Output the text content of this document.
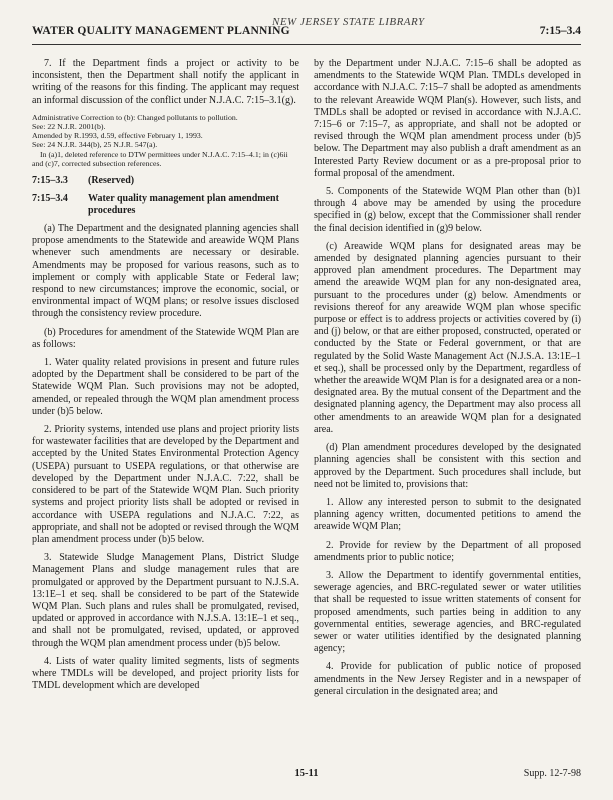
WATER QUALITY MANAGEMENT PLANNING
NEW JERSEY STATE LIBRARY
7:15–3.4

7. If the Department finds a project or activity to be inconsistent, then the Department shall notify the applicant in writing of the reasons for this finding. The applicant may request an informal discussion of the conflict under N.J.A.C. 7:15–3.1(g).

Administrative Correction to (b): Changed pollutants to pollution.

See: 22 N.J.R. 2001(b).

Amended by R.1993, d.59, effective February 1, 1993.

See: 24 N.J.R. 344(b), 25 N.J.R. 547(a).

In (a)1, deleted reference to DTW permittees under N.J.A.C. 7:15–4.1; in (c)6ii and (c)7, corrected subsection references.

7:15–3.3	(Reserved)
7:15–3.4	Water quality management plan amendment procedures

(a) The Department and the designated planning agencies shall propose amendments to the Statewide and areawide WQM Plans whenever such amendments are necessary or desirable. Amendments may be proposed for various reasons, such as to implement or comply with applicable State or Federal law; respond to new circumstances; improve the economic, social, or environmental impact of WQM plans; or resolve issues disclosed through the consistency review procedure.

(b) Procedures for amendment of the Statewide WQM Plan are as follows:

1. Water quality related provisions in present and future rules adopted by the Department shall be considered to be part of the Statewide WQM Plan. Such provisions may not be adopted, amended, or repealed through the WQM plan amendment process under (b)5 below.

2. Priority systems, intended use plans and project priority lists for wastewater facilities that are developed by the Department and accepted by the United States Environmental Protection Agency (USEPA) pursuant to USEPA regulations, or that otherwise are developed by the Department under N.J.A.C. 7:22, shall be considered to be part of the Statewide WQM Plan. Such priority systems and project priority lists shall be adopted or revised in accordance with USEPA regulations and N.J.A.C. 7:22, as appropriate, and shall not be adopted or revised through the WQM plan amendment process under (b)5 below.

3. Statewide Sludge Management Plans, District Sludge Management Plans and sludge management rules that are promulgated or approved by the Department pursuant to N.J.S.A. 13:1E–1 et seq. shall be considered to be part of the Statewide WQM Plan. Such plans and rules shall be promulgated, revised, updated or approved in accordance with N.J.S.A. 13:1E–1 et seq., and shall not be promulgated, revised, updated, or approved through the WQM plan amendment process under (b)5 below.

4. Lists of water quality limited segments, lists of segments where TMDLs will be developed, and project priority lists for TMDL development which are developed

by the Department under N.J.A.C. 7:15–6 shall be adopted as amendments to the Statewide WQM Plan. TMDLs developed in accordance with N.J.A.C. 7:15–7 shall be adopted as amendments to the relevant Areawide WQM Plan(s). However, such lists, and TMDLs shall be adopted or revised in accordance with N.J.A.C. 7:15–6 or 7:15–7, as appropriate, and shall not be adopted or revised through the WQM plan amendment process under (b)5 below. The Department may also publish a draft amendment as an Interested Party Review document or as a pre-proposal prior to formal proposal of the amendment.

5. Components of the Statewide WQM Plan other than (b)1 through 4 above may be amended by using the procedure specified in (g) below, except that the Commissioner shall render the final decision identified in (g)9 below.

(c) Areawide WQM plans for designated areas may be amended by designated planning agencies pursuant to their approved plan amendment procedures. The Department may amend the areawide WQM plan for any non-designated area, pursuant to the procedures under (g) below. Amendments or revisions thereof for any areawide WQM plan whose specific purpose or effect is to address projects or activities covered by (i) and (j) below, or that are either proposed, constructed, operated or conducted by the State or Federal government, or that are regulated by the Solid Waste Management Act (N.J.S.A. 13:1E–1 et seq.), shall be processed only by the Department, regardless of whether the areawide WQM Plan is for a designated area or a non-designated area. By the mutual consent of the Department and the designated planning agency, the Department may also process all other amendments to an areawide WQM plan for a designated area.

(d) Plan amendment procedures developed by the designated planning agencies shall be consistent with this section and approved by the Department. Such procedures shall include, but need not be limited to, provisions that:

1. Allow any interested person to submit to the designated planning agency written, documented petitions to amend the areawide WQM Plan;

2. Provide for review by the Department of all proposed amendments prior to public notice;

3. Allow the Department to identify governmental entities, sewerage agencies, and BRC-regulated sewer or water utilities that shall be requested to issue written statements of consent for proposed amendments, such parties being in addition to any governmental entities, sewerage agencies, and BRC-regulated sewer or water utilities identified by the designated planning agency;

4. Provide for publication of public notice of proposed amendments in the New Jersey Register and in a newspaper of general circulation in the designated area; and

15-11	Supp. 12-7-98
